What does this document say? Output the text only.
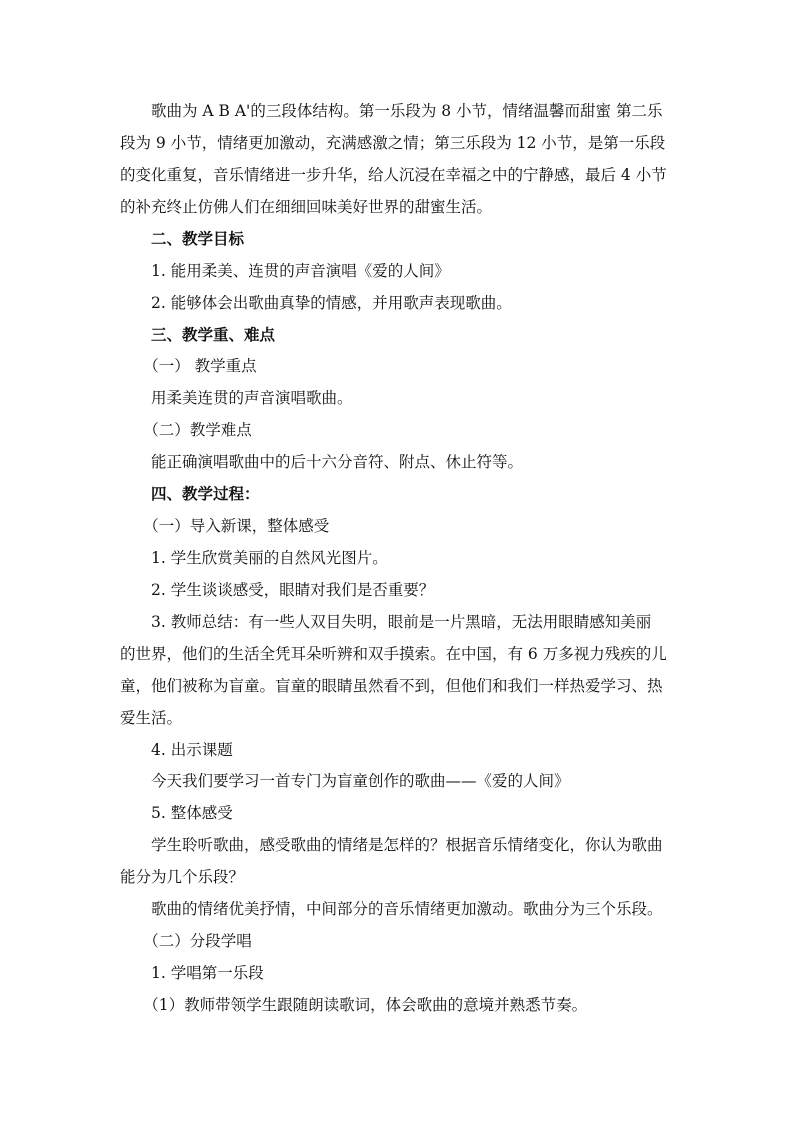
　　歌曲为 A B A'的三段体结构。第一乐段为 8 小节，情绪温馨而甜蜜 第二乐
段为 9 小节，情绪更加激动，充满感激之情；第三乐段为 12 小节，是第一乐段
的变化重复，音乐情绪进一步升华，给人沉浸在幸福之中的宁静感，最后 4 小节
的补充终止仿佛人们在细细回味美好世界的甜蜜生活。
　　二、教学目标
　　1. 能用柔美、连贯的声音演唱《爱的人间》
　　2. 能够体会出歌曲真挚的情感，并用歌声表现歌曲。
　　三、教学重、难点
　　（一） 教学重点
　　用柔美连贯的声音演唱歌曲。
　　（二）教学难点
　　能正确演唱歌曲中的后十六分音符、附点、休止符等。
　　四、教学过程：
　　（一）导入新课，整体感受
　　1. 学生欣赏美丽的自然风光图片。
　　2. 学生谈谈感受，眼睛对我们是否重要？
　　3. 教师总结：有一些人双目失明，眼前是一片黑暗，无法用眼睛感知美丽
的世界，他们的生活全凭耳朵听辨和双手摸索。在中国，有 6 万多视力残疾的儿
童，他们被称为盲童。盲童的眼睛虽然看不到，但他们和我们一样热爱学习、热
爱生活。
　　4. 出示课题
　　今天我们要学习一首专门为盲童创作的歌曲——《爱的人间》
　　5. 整体感受
　　学生聆听歌曲，感受歌曲的情绪是怎样的？根据音乐情绪变化，你认为歌曲
能分为几个乐段？
　　歌曲的情绪优美抒情，中间部分的音乐情绪更加激动。歌曲分为三个乐段。
　　（二）分段学唱
　　1. 学唱第一乐段
　　（1）教师带领学生跟随朗读歌词，体会歌曲的意境并熟悉节奏。
